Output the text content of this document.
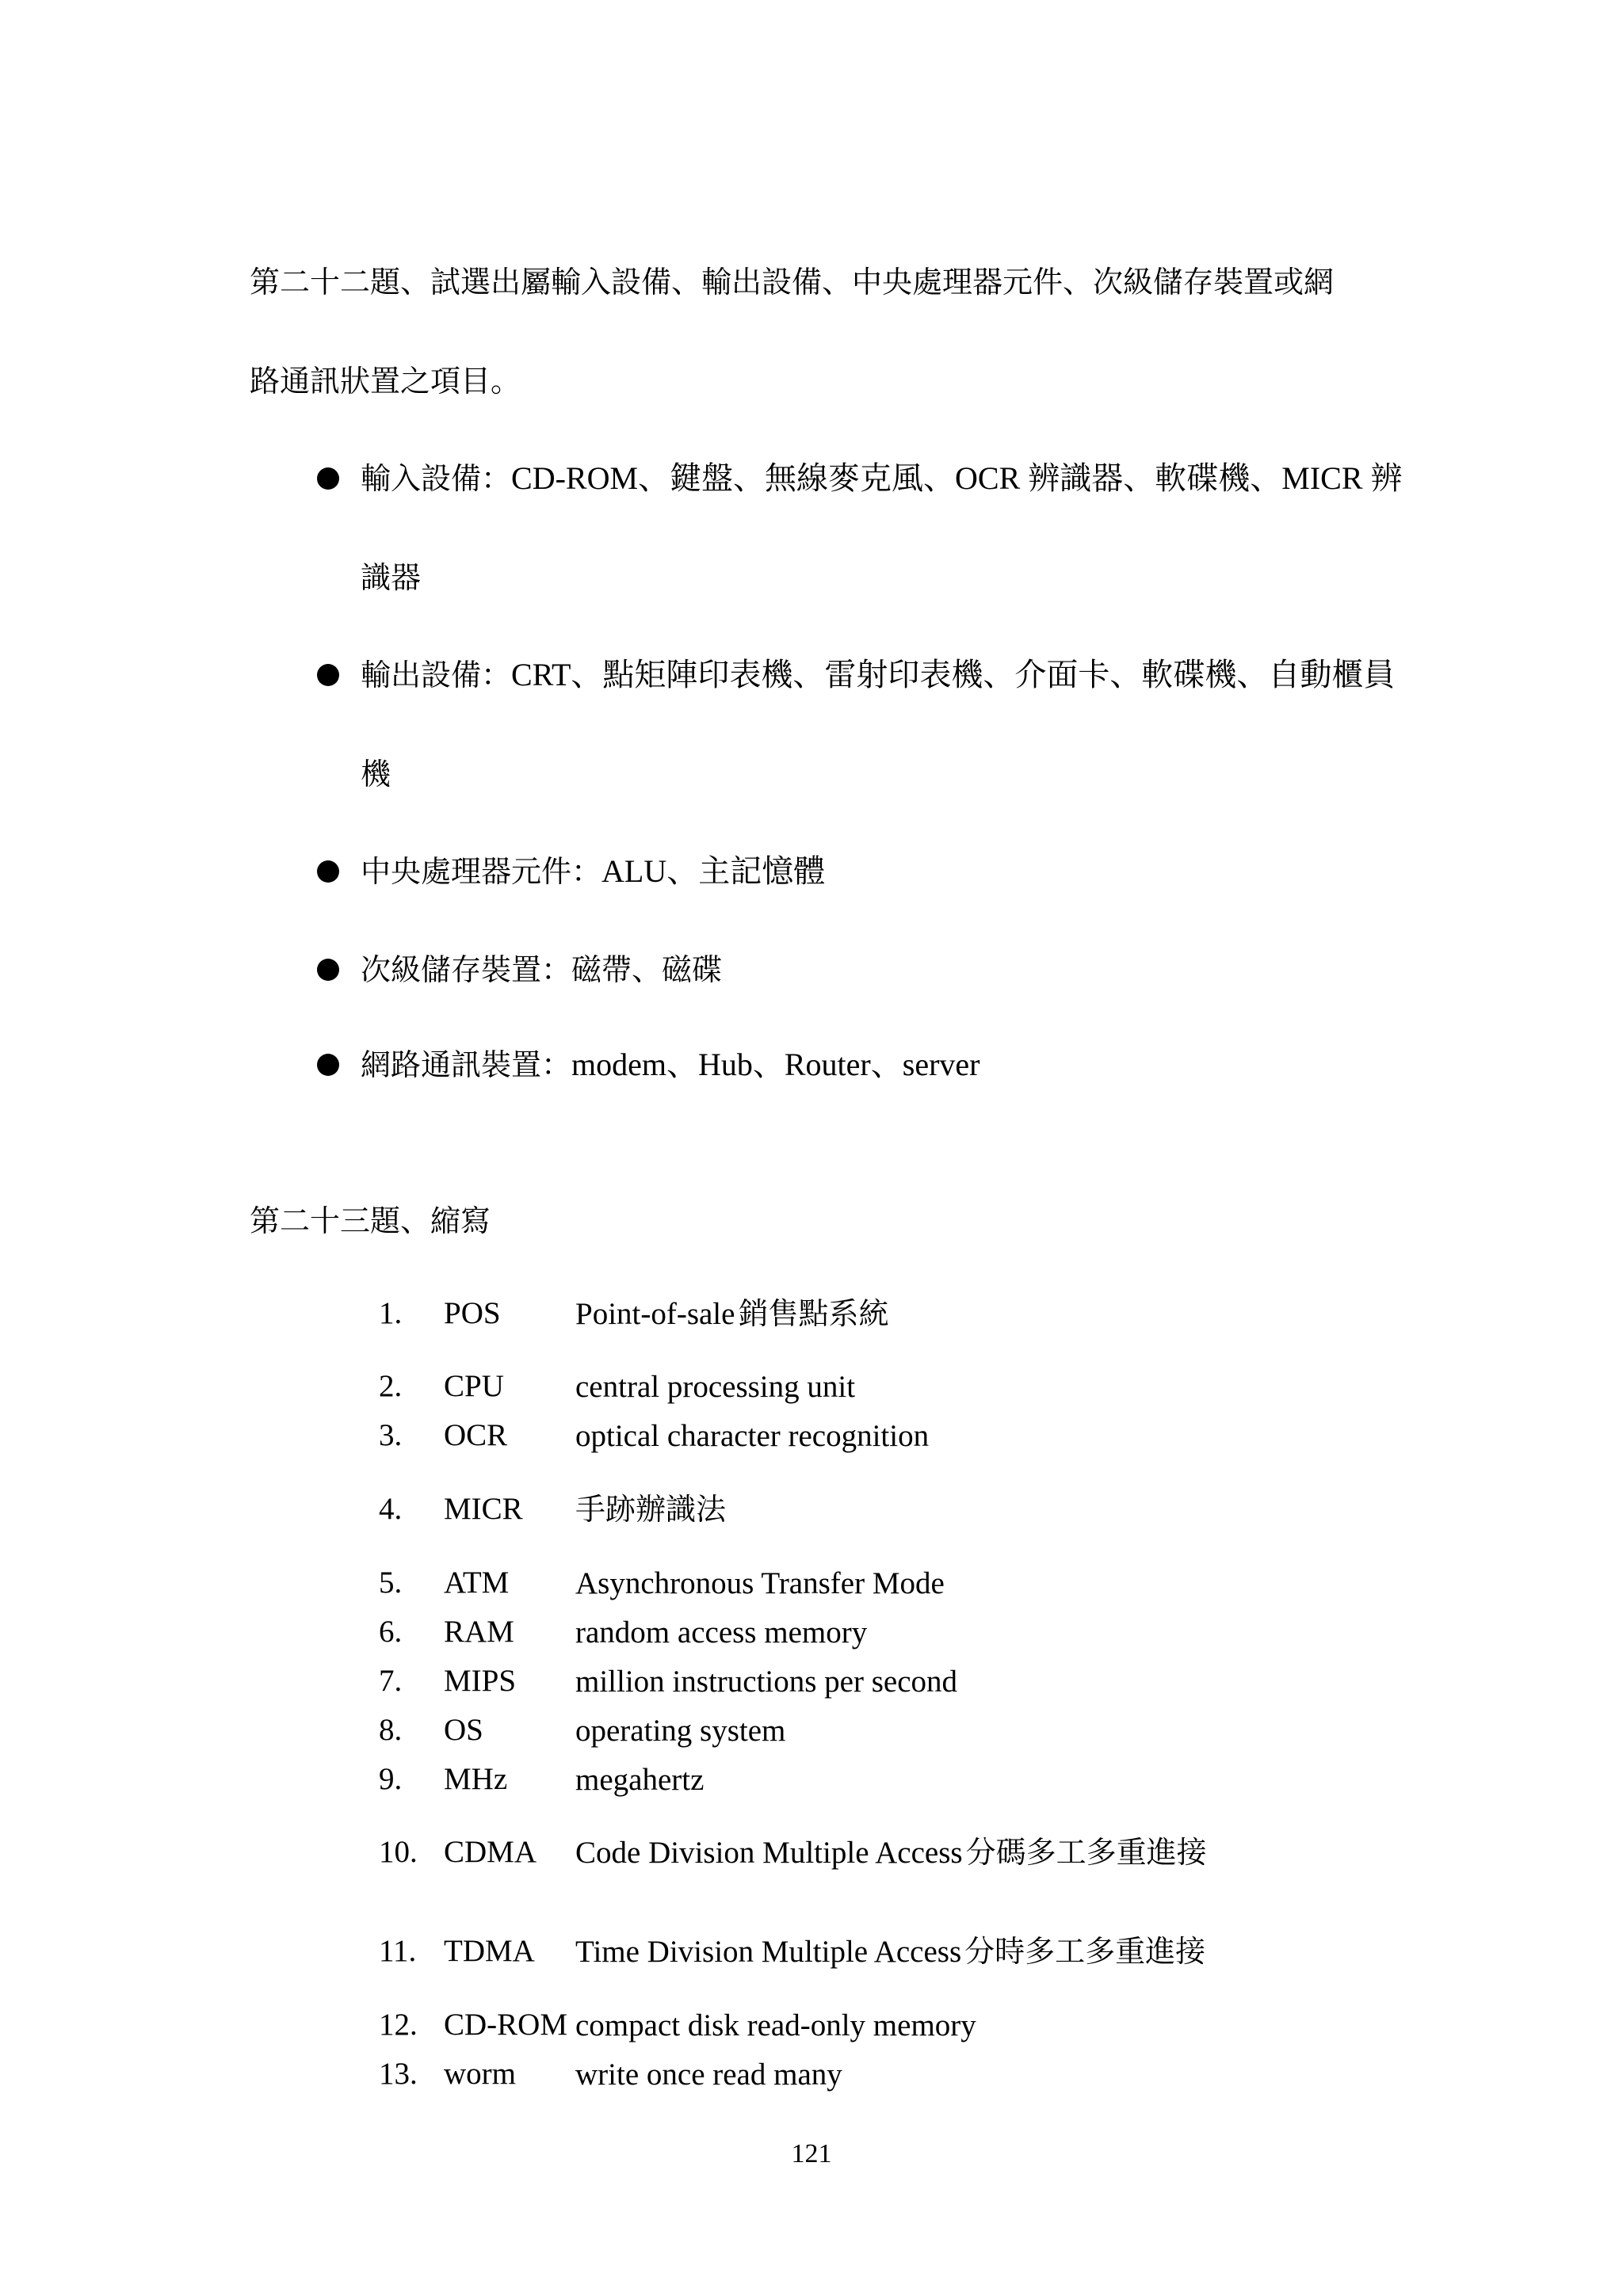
第二十二題、試選出屬輸入設備、輸出設備、中央處理器元件、次級儲存裝置或網
路通訊狀置之項目。
輸入設備：CD-ROM、鍵盤、無線麥克風、OCR 辨識器、軟碟機、MICR 辨
識器
輸出設備：CRT、點矩陣印表機、雷射印表機、介面卡、軟碟機、自動櫃員
機
中央處理器元件：ALU、主記憶體
次級儲存裝置：磁帶、磁碟
網路通訊裝置：modem、Hub、Router、server
第二十三題、縮寫
1.	POS Point-of-sale 銷售點系統
2.	CPU central processing unit
3.	OCR optical character recognition
4.	MICR 手跡辦識法
5.	ATM Asynchronous Transfer Mode
6.	RAM random access memory
7.	MIPS million instructions per second
8.	OS	operating system
9.	MHz megahertz
10. CDMA Code Division Multiple Access 分碼多工多重進接
11. TDMA Time Division Multiple Access 分時多工多重進接
12. CD-ROM compact disk read-only memory
13. worm write once read many
121
